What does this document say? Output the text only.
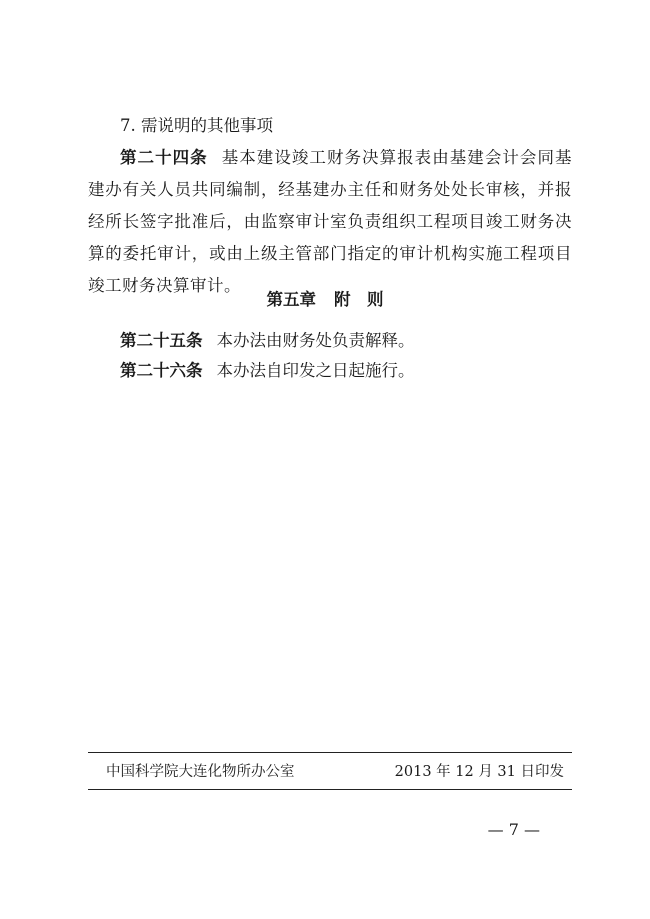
7. 需说明的其他事项
第二十四条 基本建设竣工财务决算报表由基建会计会同基建办有关人员共同编制，经基建办主任和财务处处长审核，并报经所长签字批准后，由监察审计室负责组织工程项目竣工财务决算的委托审计，或由上级主管部门指定的审计机构实施工程项目竣工财务决算审计。
第五章 附　则
第二十五条 本办法由财务处负责解释。
第二十六条 本办法自印发之日起施行。
中国科学院大连化物所办公室	2013 年 12 月 31 日印发
— 7 —
